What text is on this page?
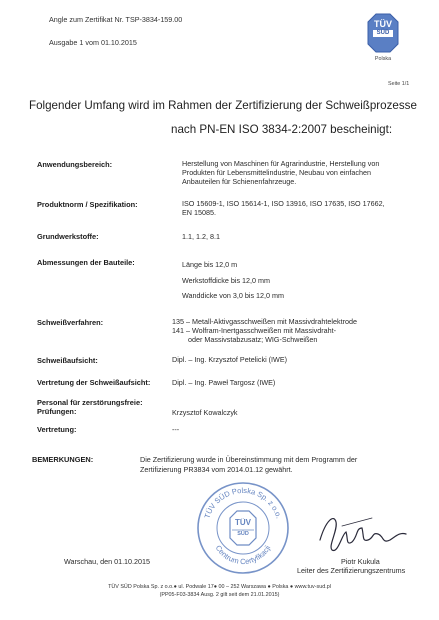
Angle zum Zertifikat Nr. TSP-3834-159.00
Ausgabe 1 vom 01.10.2015
TÜV
SÜD
Polska
Seite 1/1
Folgender Umfang wird im Rahmen der Zertifizierung der Schweißprozesse
nach PN-EN ISO 3834-2:2007 bescheinigt:
Anwendungsbereich:	Herstellung von Maschinen für Agrarindustrie, Herstellung von
Produkten für Lebensmittelindustrie, Neubau von einfachen
Anbauteilen für Schienenfahrzeuge.
Produktnorm / Spezifikation:	ISO 15609-1, ISO 15614-1, ISO 13916, ISO 17635, ISO 17662,
EN 15085.
Grundwerkstoffe:	1.1, 1.2, 8.1
Abmessungen der Bauteile:	Länge bis 12,0 m
Werkstoffdicke bis 12,0 mm
Wanddicke von 3,0 bis 12,0 mm
Schweißverfahren:	135 – Metall-Aktivgasschweißen mit Massivdrahtelektrode
141 – Wolfram-Inertgasschweißen mit Massivdraht-
oder Massivstabzusatz; WIG-Schweißen
Schweißaufsicht:	Dipl. – Ing. Krzysztof Petelicki (IWE)
Vertretung der Schweißaufsicht:	Dipl. – Ing. Paweł Targosz (IWE)
Personal für zerstörungsfreie:
Prüfungen:	Krzysztof Kowalczyk
Vertretung:	---
BEMERKUNGEN:	Die Zertifizierung wurde in Übereinstimmung mit dem Programm der
Zertifizierung PR3834 vom 2014.01.12 gewährt.
TÜV SÜD Polska Sp. z o.o.
Centrum Certyfikacji
TÜV
SÜD
Warschau, den 01.10.2015	Piotr Kukula
Leiter des Zertifizierungszentrums
TÜV SÜD Polska Sp. z o.o.● ul. Podwale 17● 00 – 252 Warszawa ● Polska ● www.tuv-sud.pl
(PP05-F03-3834 Ausg. 2 gilt seit dem 21.01.2015)
